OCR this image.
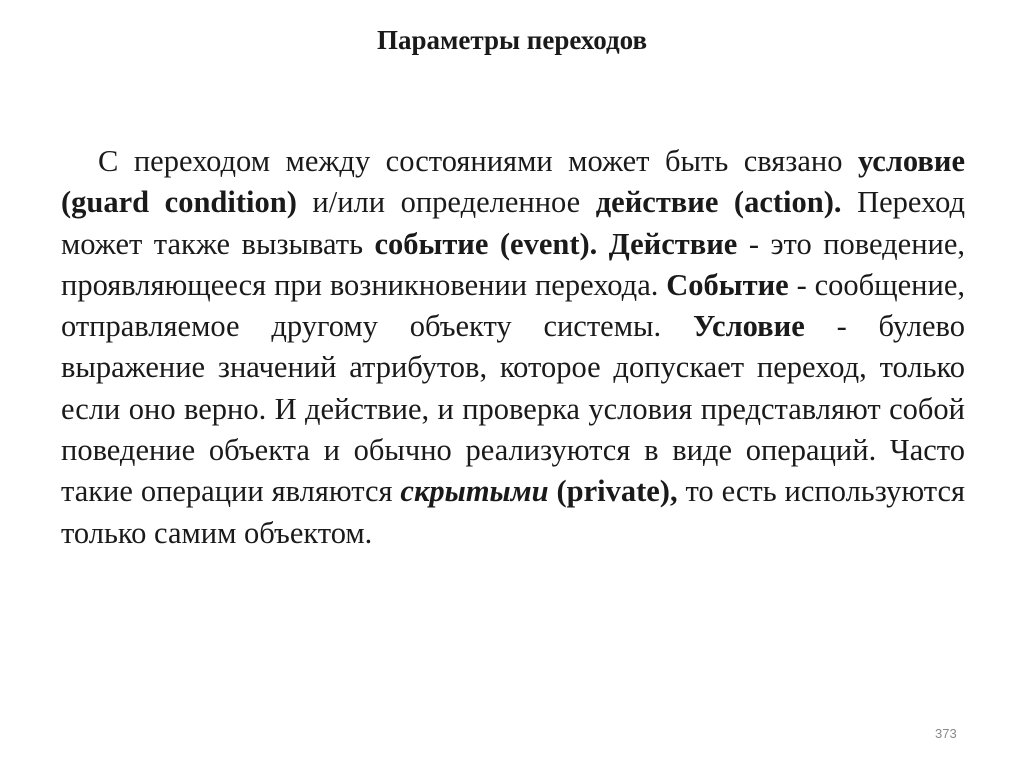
Параметры переходов

С переходом между состояниями может быть связано условие (guard condition) и/или определенное действие (action). Переход может также вызывать событие (event). Действие - это поведение, проявляющееся при возникновении перехода. Событие - сообщение, отправляемое другому объекту системы. Условие - булево выражение значений атрибутов, которое допускает переход, только если оно верно. И действие, и проверка условия представляют собой поведение объекта и обычно реализуются в виде операций. Часто такие операции являются скрытыми (private), то есть используются только самим объектом.

373
